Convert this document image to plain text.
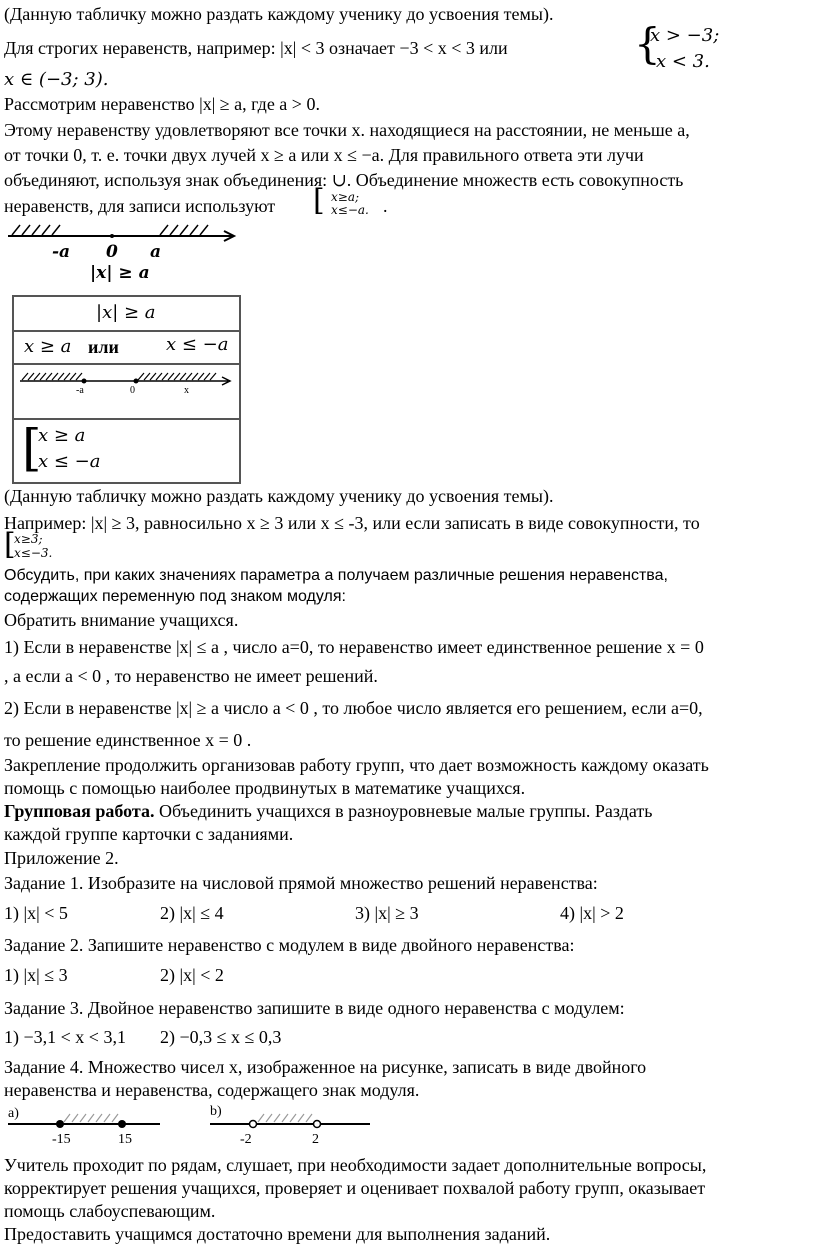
(Данную табличку можно раздать каждому ученику до усвоения темы).
Для строгих неравенств, например: |x| < 3 означает −3 < x < 3 или	{
x > −3;
x < 3.
x ∈ (−3; 3).
Рассмотрим неравенство |x| ≥ a, где a > 0.
Этому неравенству удовлетворяют все точки x. находящиеся на расстоянии, не меньше a,
от точки 0, т. е. точки двух лучей x ≥ a или x ≤ −a. Для правильного ответа эти лучи
объединяют, используя знак объединения: ∪. Объединение множеств есть совокупность
неравенств, для записи используют [ x≥a;
x≤−a. .
-a 0 a
|x| ≥ a
|x| ≥ a
x ≥ a или	x ≤ −a
-a	0	x
[
x ≥ a
x ≤ −a
(Данную табличку можно раздать каждому ученику до усвоения темы).
Например: |x| ≥ 3, равносильно x ≥ 3 или x ≤ -3, или если записать в виде совокупности, то
[
x≥3;
x≤−3.
Обсудить, при каких значениях параметра a получаем различные решения неравенства,
содержащих переменную под знаком модуля:
Обратить внимание учащихся.
1) Если в неравенстве |x| ≤ a , число a=0, то неравенство имеет единственное решение x = 0
, а если a < 0 , то неравенство не имеет решений.
2) Если в неравенстве |x| ≥ a число a < 0 , то любое число является его решением, если a=0,
то решение единственное x = 0 .
Закрепление продолжить организовав работу групп, что дает возможность каждому оказать
помощь с помощью наиболее продвинутых в математике учащихся.
Групповая работа. Объединить учащихся в разноуровневые малые группы. Раздать
каждой группе карточки с заданиями.
Приложение 2.
Задание 1. Изобразите на числовой прямой множество решений неравенства:
1) |x| < 5	2) |x| ≤ 4	3) |x| ≥ 3	4) |x| > 2
Задание 2. Запишите неравенство с модулем в виде двойного неравенства:
1) |x| ≤ 3	2) |x| < 2
Задание 3. Двойное неравенство запишите в виде одного неравенства с модулем:
1) −3,1 < x < 3,1 2) −0,3 ≤ x ≤ 0,3
Задание 4. Множество чисел x, изображенное на рисунке, записать в виде двойного
неравенства и неравенства, содержащего знак модуля.
a)
-15	15
b)
-2	2
Учитель проходит по рядам, слушает, при необходимости задает дополнительные вопросы,
корректирует решения учащихся, проверяет и оценивает похвалой работу групп, оказывает
помощь слабоуспевающим.
Предоставить учащимся достаточно времени для выполнения заданий.
